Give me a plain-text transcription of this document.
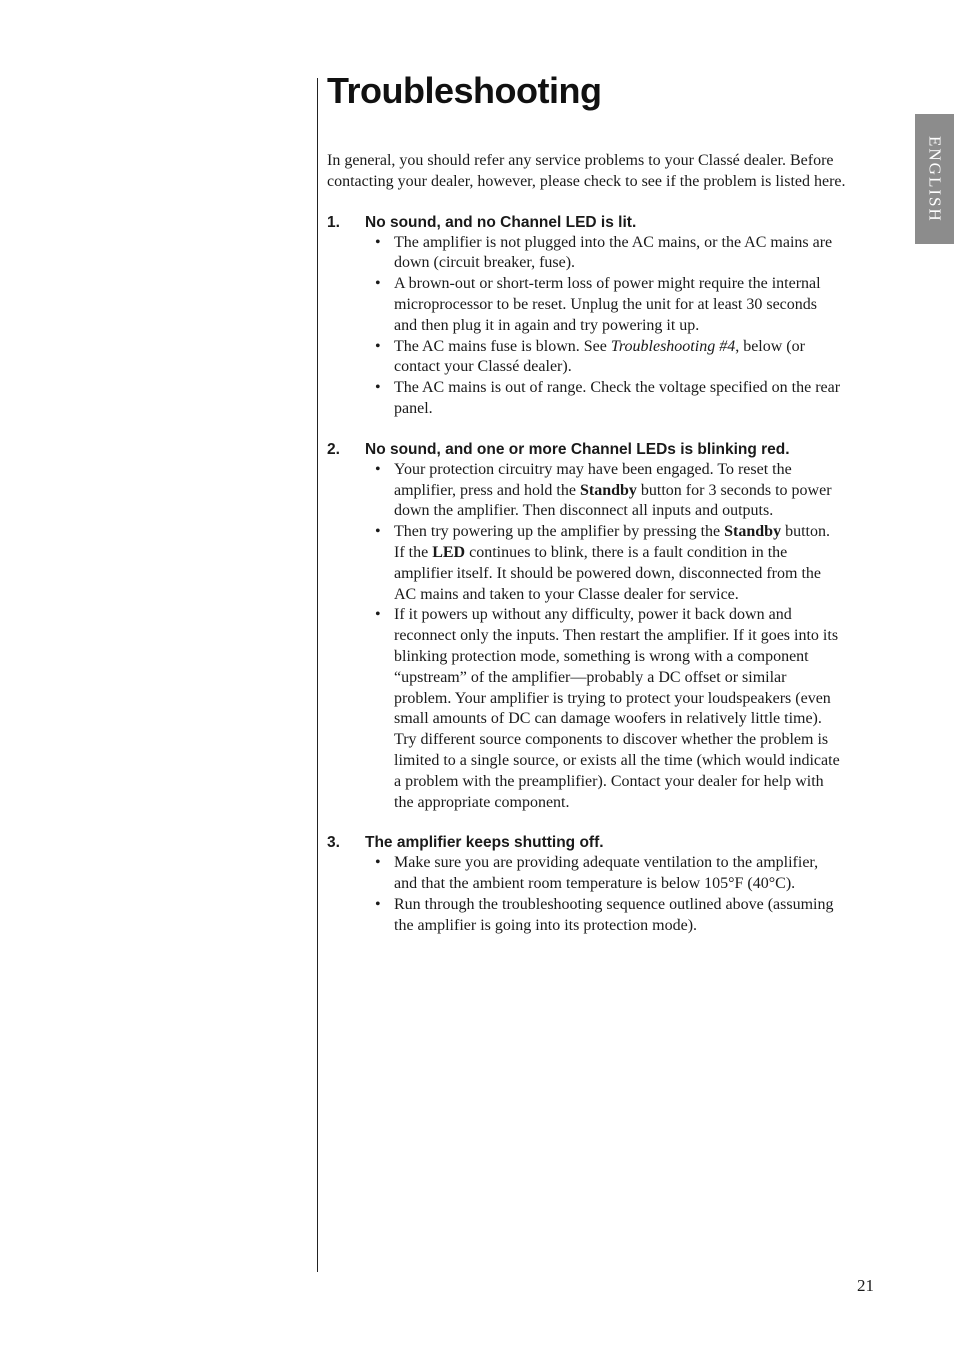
ENGLISH
Troubleshooting

In general, you should refer any service problems to your Classé dealer. Before contacting your dealer, however, please check to see if the problem is listed here.

1.	No sound, and no Channel LED is lit.
• The amplifier is not plugged into the AC mains, or the AC mains are down (circuit breaker, fuse).
• A brown-out or short-term loss of power might require the internal microprocessor to be reset. Unplug the unit for at least 30 seconds and then plug it in again and try powering it up.
• The AC mains fuse is blown. See Troubleshooting #4, below (or contact your Classé dealer).
• The AC mains is out of range. Check the voltage specified on the rear panel.
2.	No sound, and one or more Channel LEDs is blinking red.
• Your protection circuitry may have been engaged. To reset the amplifier, press and hold the Standby button for 3 seconds to power down the amplifier. Then disconnect all inputs and outputs.
• Then try powering up the amplifier by pressing the Standby button. If the LED continues to blink, there is a fault condition in the amplifier itself. It should be powered down, disconnected from the AC mains and taken to your Classe dealer for service.
• If it powers up without any difficulty, power it back down and reconnect only the inputs. Then restart the amplifier. If it goes into its blinking protection mode, something is wrong with a component “upstream” of the amplifier—probably a DC offset or similar problem. Your amplifier is trying to protect your loudspeakers (even small amounts of DC can damage woofers in relatively little time). Try different source components to discover whether the problem is limited to a single source, or exists all the time (which would indicate a problem with the preamplifier). Contact your dealer for help with the appropriate component.
3.	The amplifier keeps shutting off.
• Make sure you are providing adequate ventilation to the amplifier, and that the ambient room temperature is below 105°F (40°C).
• Run through the troubleshooting sequence outlined above (assuming the amplifier is going into its protection mode).
21
